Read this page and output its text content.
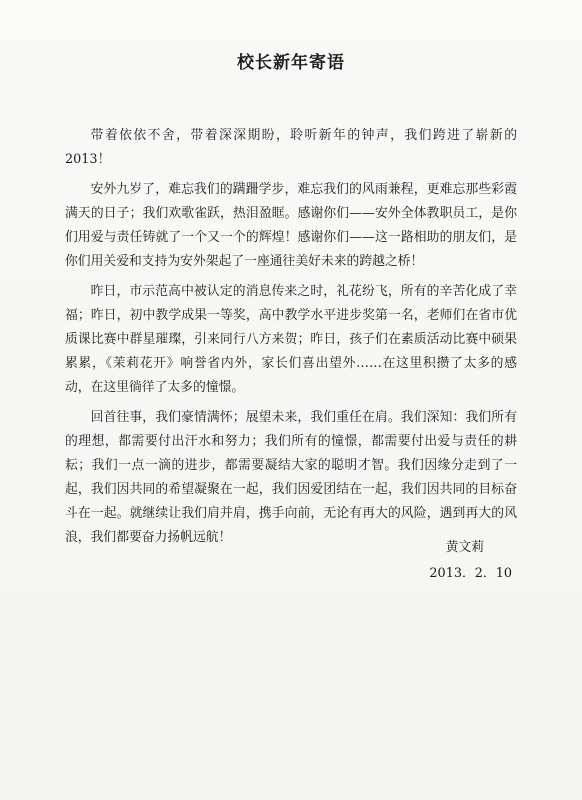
校长新年寄语

带着依依不舍，带着深深期盼，聆听新年的钟声，我们跨进了崭新的2013！

安外九岁了，难忘我们的蹒跚学步，难忘我们的风雨兼程，更难忘那些彩霞满天的日子；我们欢歌雀跃，热泪盈眶。感谢你们——安外全体教职员工，是你们用爱与责任铸就了一个又一个的辉煌！感谢你们——这一路相助的朋友们，是你们用关爱和支持为安外架起了一座通往美好未来的跨越之桥！

昨日，市示范高中被认定的消息传来之时，礼花纷飞，所有的辛苦化成了幸福；昨日，初中教学成果一等奖，高中教学水平进步奖第一名，老师们在省市优质课比赛中群星璀璨，引来同行八方来贺；昨日，孩子们在素质活动比赛中硕果累累，《茉莉花开》响誉省内外，家长们喜出望外……在这里积攒了太多的感动，在这里徜徉了太多的憧憬。

回首往事，我们豪情满怀；展望未来，我们重任在肩。我们深知：我们所有的理想，都需要付出汗水和努力；我们所有的憧憬，都需要付出爱与责任的耕耘；我们一点一滴的进步，都需要凝结大家的聪明才智。我们因缘分走到了一起，我们因共同的希望凝聚在一起，我们因爱团结在一起，我们因共同的目标奋斗在一起。就继续让我们肩并肩，携手向前，无论有再大的风险，遇到再大的风浪，我们都要奋力扬帆远航！

黄文莉
2013．2．10
